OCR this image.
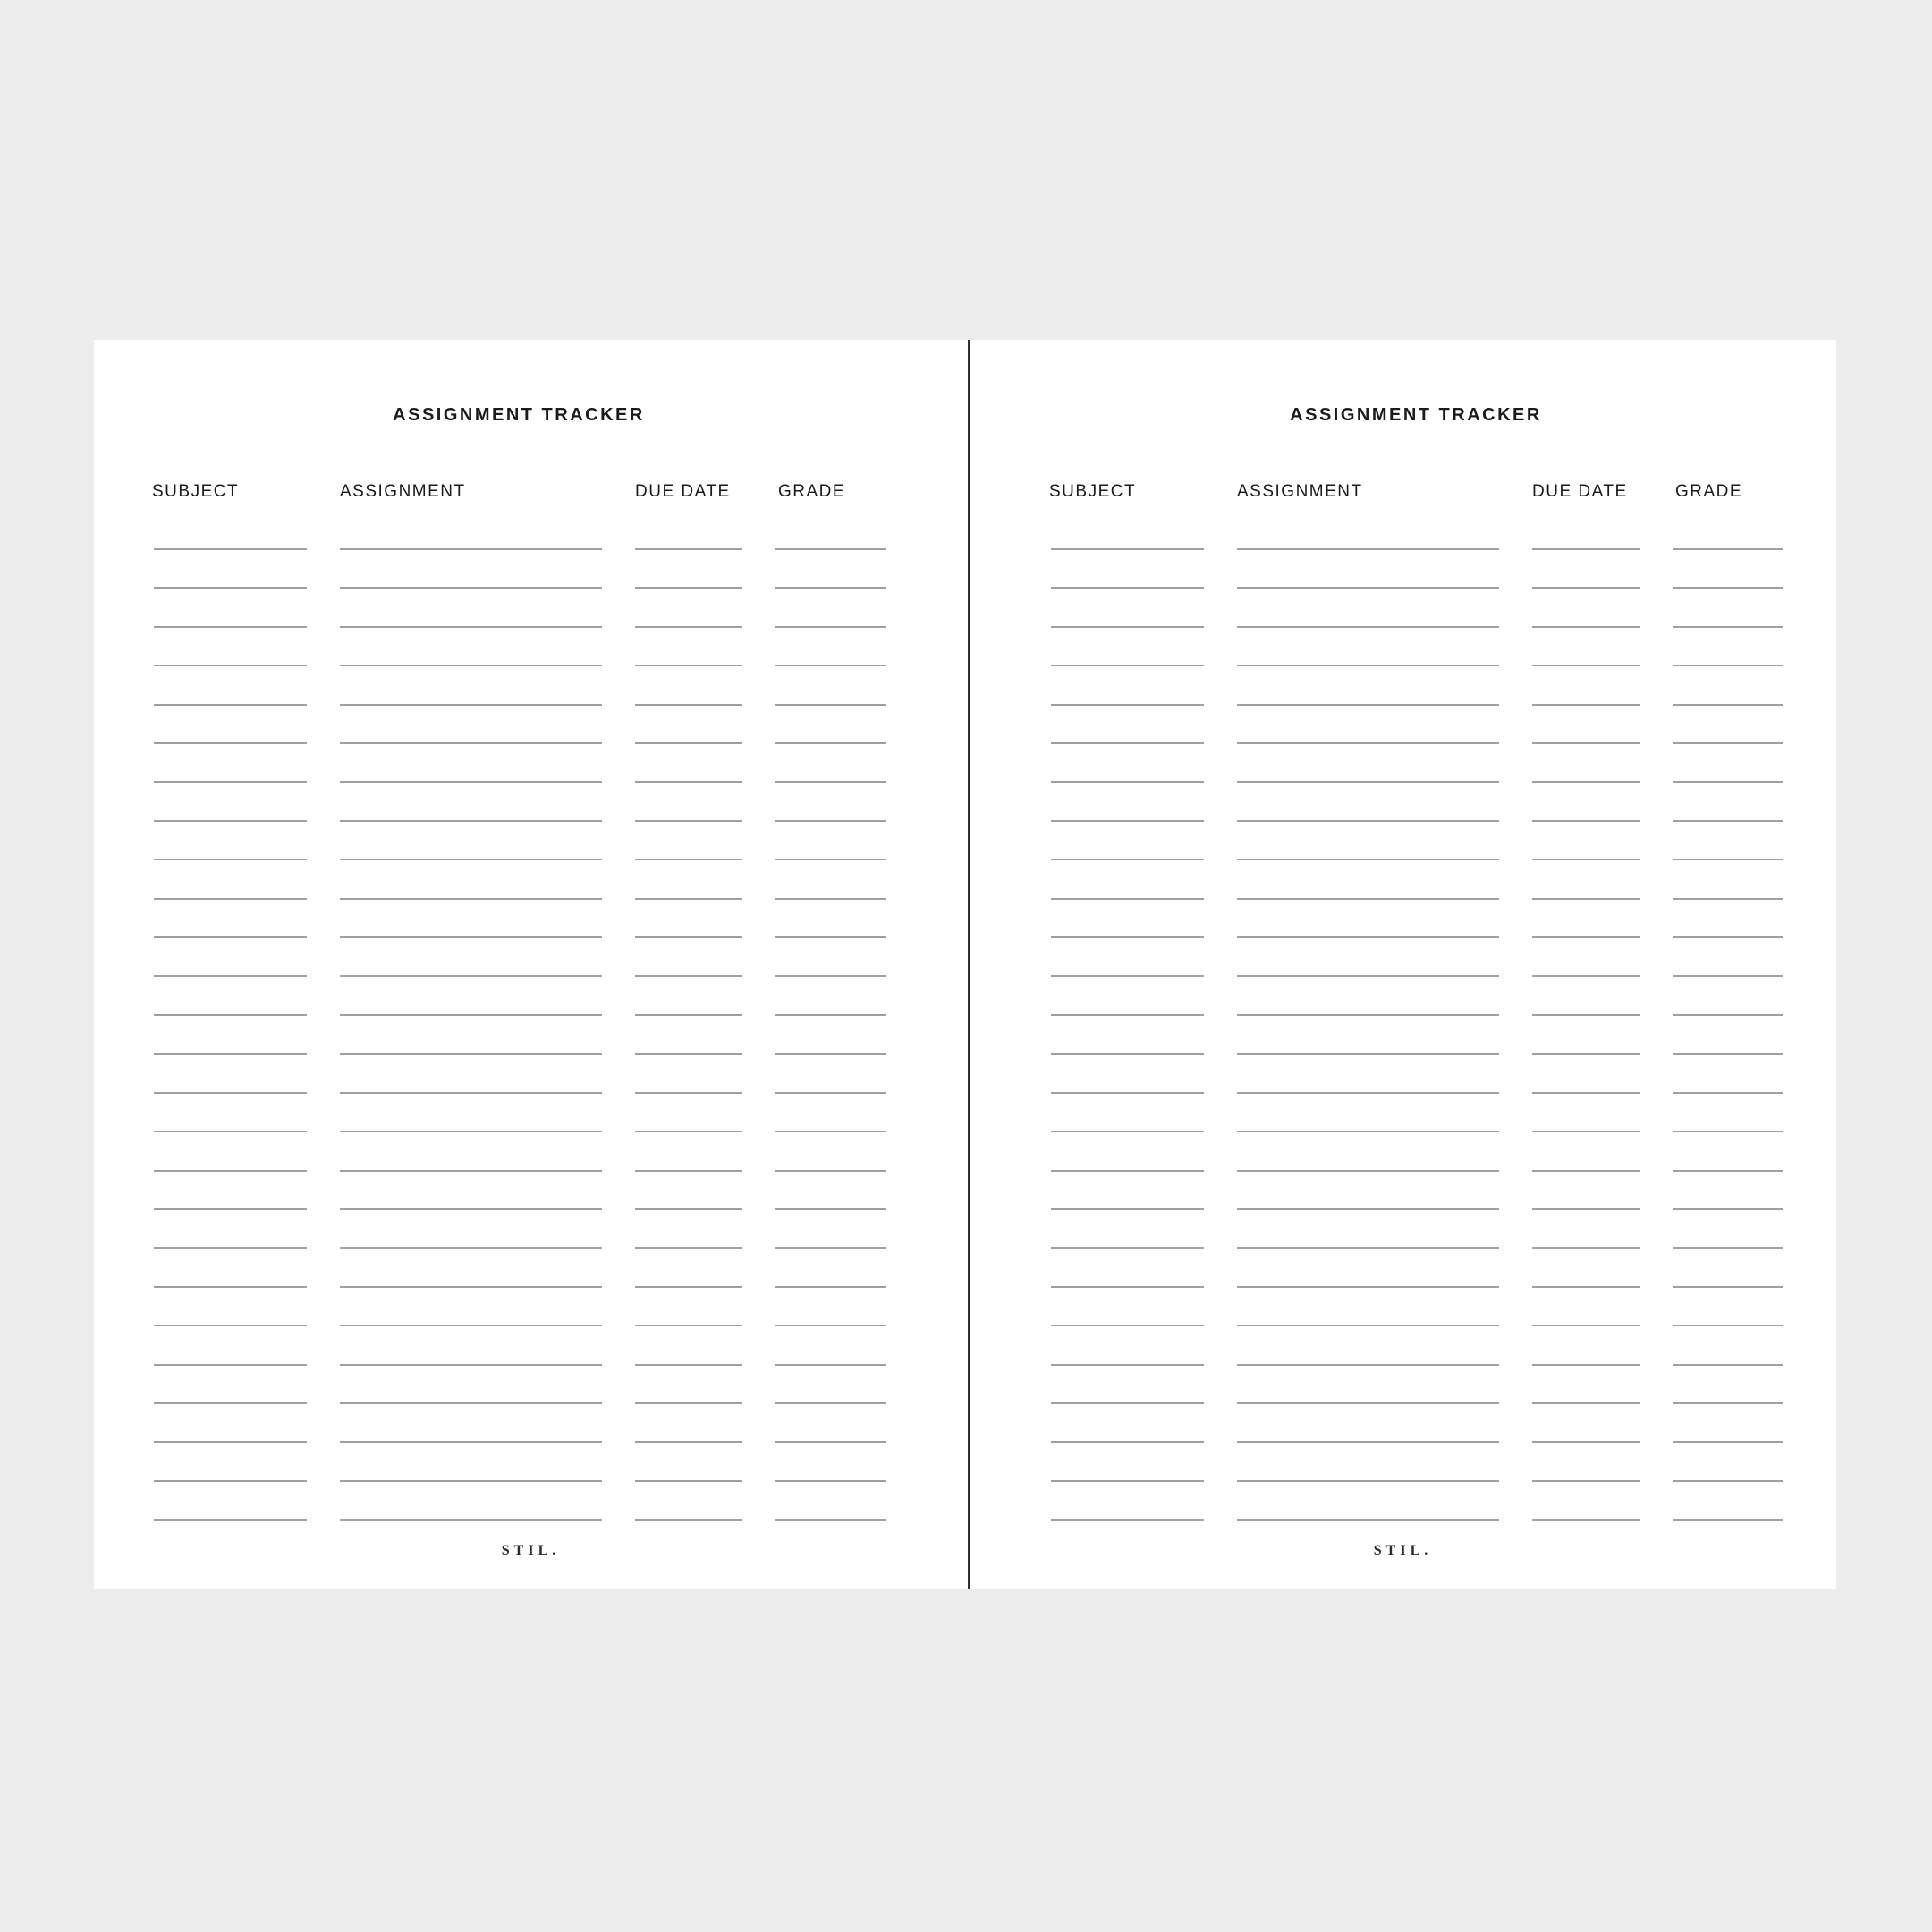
ASSIGNMENT TRACKER
SUBJECT	ASSIGNMENT	DUE DATE	GRADE
STIL.
ASSIGNMENT TRACKER
SUBJECT	ASSIGNMENT	DUE DATE	GRADE
STIL.
